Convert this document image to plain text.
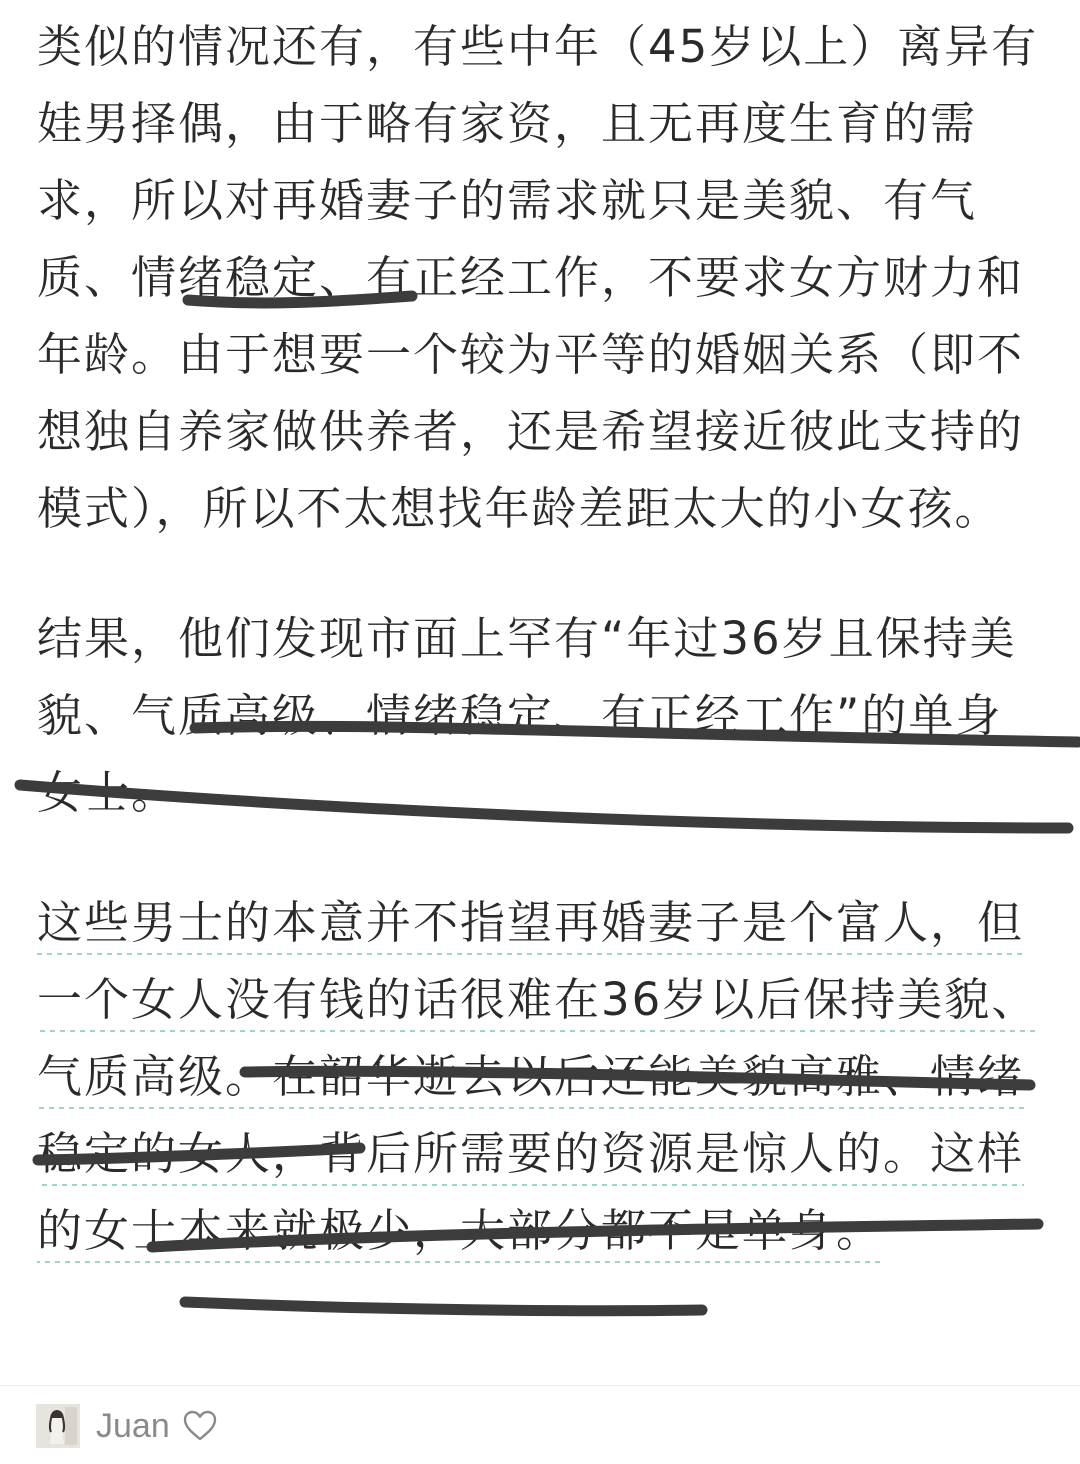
类似的情况还有，有些中年（45岁以上）离异有娃男择偶，由于略有家资，且无再度生育的需求，所以对再婚妻子的需求就只是美貌、有气质、情绪稳定、有正经工作，不要求女方财力和年龄。由于想要一个较为平等的婚姻关系（即不想独自养家做供养者，还是希望接近彼此支持的模式），所以不太想找年龄差距太大的小女孩。

结果，他们发现市面上罕有“年过36岁且保持美貌、气质高级、情绪稳定、有正经工作”的单身女士。

这些男士的本意并不指望再婚妻子是个富人，但一个女人没有钱的话很难在36岁以后保持美貌、气质高级。在韶华逝去以后还能美貌高雅、情绪稳定的女人，背后所需要的资源是惊人的。这样的女士本来就极少，大部分都不是单身。

Juan
